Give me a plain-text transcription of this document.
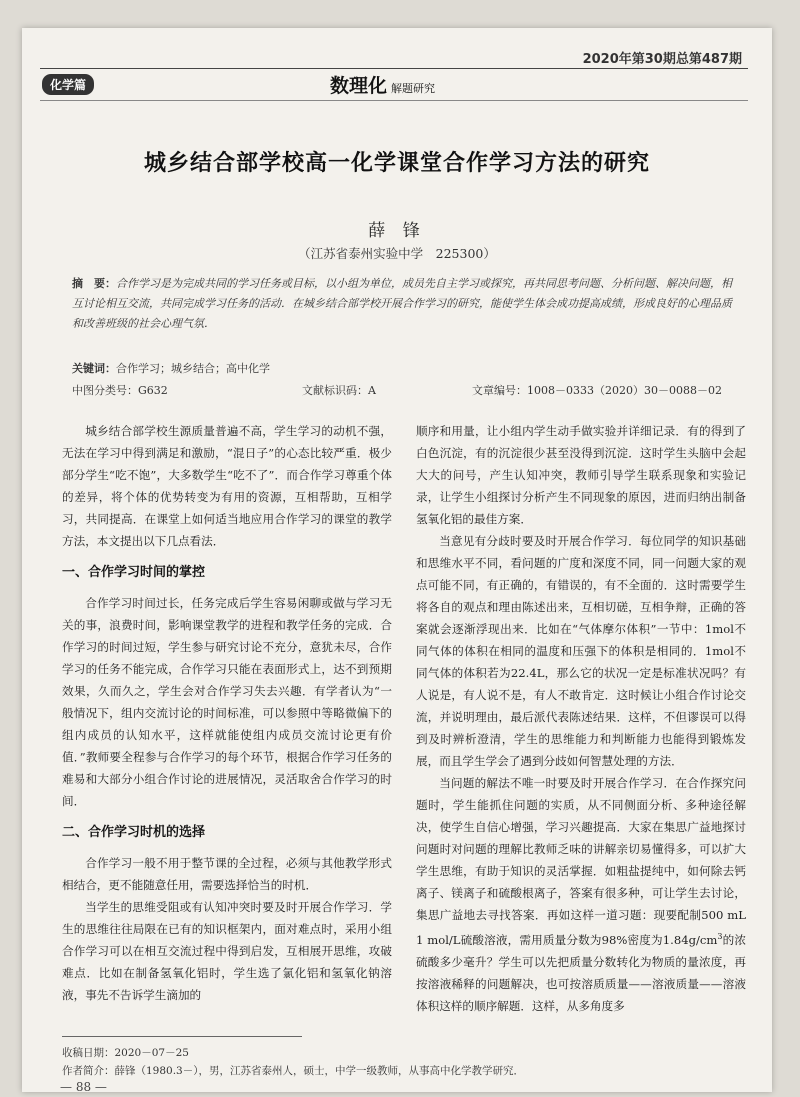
2020年第30期总第487期
化学篇	数理化 解题研究
城乡结合部学校高一化学课堂合作学习方法的研究
薛 锋
（江苏省泰州实验中学　225300）
摘　要：合作学习是为完成共同的学习任务或目标，以小组为单位，成员先自主学习或探究，再共同思考问题、分析问题、解决问题，相互讨论相互交流，共同完成学习任务的活动．在城乡结合部学校开展合作学习的研究，能使学生体会成功提高成绩，形成良好的心理品质和改善班级的社会心理气氛．
关键词：合作学习；城乡结合；高中化学
中图分类号：G632	文献标识码：A	文章编号：1008－0333（2020）30－0088－02

城乡结合部学校生源质量普遍不高，学生学习的动机不强，无法在学习中得到满足和激励，“混日子”的心态比较严重．极少部分学生“吃不饱”，大多数学生“吃不了”．而合作学习尊重个体的差异，将个体的优势转变为有用的资源，互相帮助，互相学习，共同提高．在课堂上如何适当地应用合作学习的课堂的教学方法，本文提出以下几点看法．

一、合作学习时间的掌控

合作学习时间过长，任务完成后学生容易闲聊或做与学习无关的事，浪费时间，影响课堂教学的进程和教学任务的完成．合作学习的时间过短，学生参与研究讨论不充分，意犹未尽，合作学习的任务不能完成，合作学习只能在表面形式上，达不到预期效果，久而久之，学生会对合作学习失去兴趣．有学者认为“一般情况下，组内交流讨论的时间标准，可以参照中等略微偏下的组内成员的认知水平，这样就能使组内成员交流讨论更有价值．”教师要全程参与合作学习的每个环节，根据合作学习任务的难易和大部分小组合作讨论的进展情况，灵活取舍合作学习的时间．

二、合作学习时机的选择

合作学习一般不用于整节课的全过程，必须与其他教学形式相结合，更不能随意任用，需要选择恰当的时机．

当学生的思维受阻或有认知冲突时要及时开展合作学习．学生的思维往往局限在已有的知识框架内，面对难点时，采用小组合作学习可以在相互交流过程中得到启发，互相展开思维，攻破难点．比如在制备氢氧化铝时，学生选了氯化铝和氢氧化钠溶液，事先不告诉学生滴加的

顺序和用量，让小组内学生动手做实验并详细记录．有的得到了白色沉淀，有的沉淀很少甚至没得到沉淀．这时学生头脑中会起大大的问号，产生认知冲突，教师引导学生联系现象和实验记录，让学生小组探讨分析产生不同现象的原因，进而归纳出制备氢氧化铝的最佳方案．

当意见有分歧时要及时开展合作学习．每位同学的知识基础和思维水平不同，看问题的广度和深度不同，同一问题大家的观点可能不同，有正确的，有错误的，有不全面的．这时需要学生将各自的观点和理由陈述出来，互相切磋，互相争辩，正确的答案就会逐渐浮现出来．比如在“气体摩尔体积”一节中：1mol不同气体的体积在相同的温度和压强下的体积是相同的．1mol不同气体的体积若为22.4L，那么它的状况一定是标准状况吗？有人说是，有人说不是，有人不敢肯定．这时候让小组合作讨论交流，并说明理由，最后派代表陈述结果．这样，不但谬误可以得到及时辨析澄清，学生的思维能力和判断能力也能得到锻炼发展，而且学生学会了遇到分歧如何智慧处理的方法．

当问题的解法不唯一时要及时开展合作学习．在合作探究问题时，学生能抓住问题的实质，从不同侧面分析、多种途径解决，使学生自信心增强，学习兴趣提高．大家在集思广益地探讨问题时对问题的理解比教师乏味的讲解亲切易懂得多，可以扩大学生思维，有助于知识的灵活掌握．如粗盐提纯中，如何除去钙离子、镁离子和硫酸根离子，答案有很多种，可让学生去讨论，集思广益地去寻找答案．再如这样一道习题：现要配制500 mL 1 mol/L硫酸溶液，需用质量分数为98%密度为$1.84g/cm^3$的浓硫酸多少毫升？学生可以先把质量分数转化为物质的量浓度，再按溶液稀释的问题解决，也可按溶质质量——溶液质量——溶液体积这样的顺序解题．这样，从多角度多

收稿日期：2020－07－25
作者简介：薛锋（1980.3－），男，江苏省泰州人，硕士，中学一级教师，从事高中化学教学研究．
— 88 —
